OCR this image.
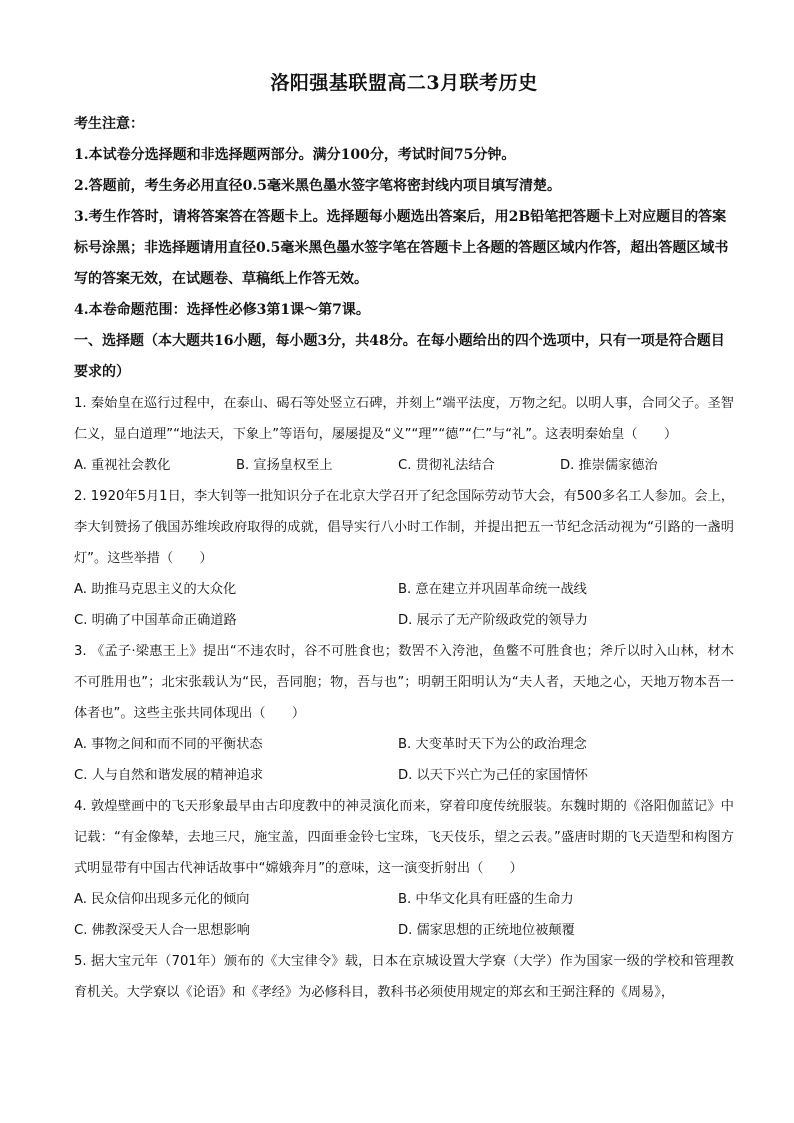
洛阳强基联盟高二3月联考历史
考生注意：
1.本试卷分选择题和非选择题两部分。满分100分，考试时间75分钟。
2.答题前，考生务必用直径0.5毫米黑色墨水签字笔将密封线内项目填写清楚。
3.考生作答时，请将答案答在答题卡上。选择题每小题选出答案后，用2B铅笔把答题卡上对应题目的答案标号涂黑；非选择题请用直径0.5毫米黑色墨水签字笔在答题卡上各题的答题区域内作答，超出答题区域书写的答案无效，在试题卷、草稿纸上作答无效。
4.本卷命题范围：选择性必修3第1课～第7课。
一、选择题（本大题共16小题，每小题3分，共48分。在每小题给出的四个选项中，只有一项是符合题目要求的）
1. 秦始皇在巡行过程中，在泰山、碣石等处竖立石碑，并刻上“端平法度，万物之纪。以明人事，合同父子。圣智仁义，显白道理”“地法天，下象上”等语句，屡屡提及“义”“理”“德”“仁”与“礼”。这表明秦始皇（　　）
A. 重视社会教化	B. 宣扬皇权至上	C. 贯彻礼法结合	D. 推崇儒家德治
2. 1920年5月1日，李大钊等一批知识分子在北京大学召开了纪念国际劳动节大会，有500多名工人参加。会上，李大钊赞扬了俄国苏维埃政府取得的成就，倡导实行八小时工作制，并提出把五一节纪念活动视为“引路的一盏明灯”。这些举措（　　）
A. 助推马克思主义的大众化	B. 意在建立并巩固革命统一战线
C. 明确了中国革命正确道路	D. 展示了无产阶级政党的领导力
3. 《孟子·梁惠王上》提出“不违农时，谷不可胜食也；数罟不入洿池，鱼鳖不可胜食也；斧斤以时入山林，材木不可胜用也”；北宋张载认为“民，吾同胞；物，吾与也”；明朝王阳明认为“夫人者，天地之心，天地万物本吾一体者也”。这些主张共同体现出（　　）
A. 事物之间和而不同的平衡状态	B. 大变革时天下为公的政治理念
C. 人与自然和谐发展的精神追求	D. 以天下兴亡为己任的家国情怀
4. 敦煌壁画中的飞天形象最早由古印度教中的神灵演化而来，穿着印度传统服装。东魏时期的《洛阳伽蓝记》中记载：“有金像辇，去地三尺，施宝盖，四面垂金铃七宝珠，飞天伎乐，望之云表。”盛唐时期的飞天造型和构图方式明显带有中国古代神话故事中“嫦娥奔月”的意味，这一演变折射出（　　）
A. 民众信仰出现多元化的倾向	B. 中华文化具有旺盛的生命力
C. 佛教深受天人合一思想影响	D. 儒家思想的正统地位被颠覆
5. 据大宝元年（701年）颁布的《大宝律令》载，日本在京城设置大学寮（大学）作为国家一级的学校和管理教育机关。大学寮以《论语》和《孝经》为必修科目，教科书必须使用规定的郑玄和王弼注释的《周易》，
